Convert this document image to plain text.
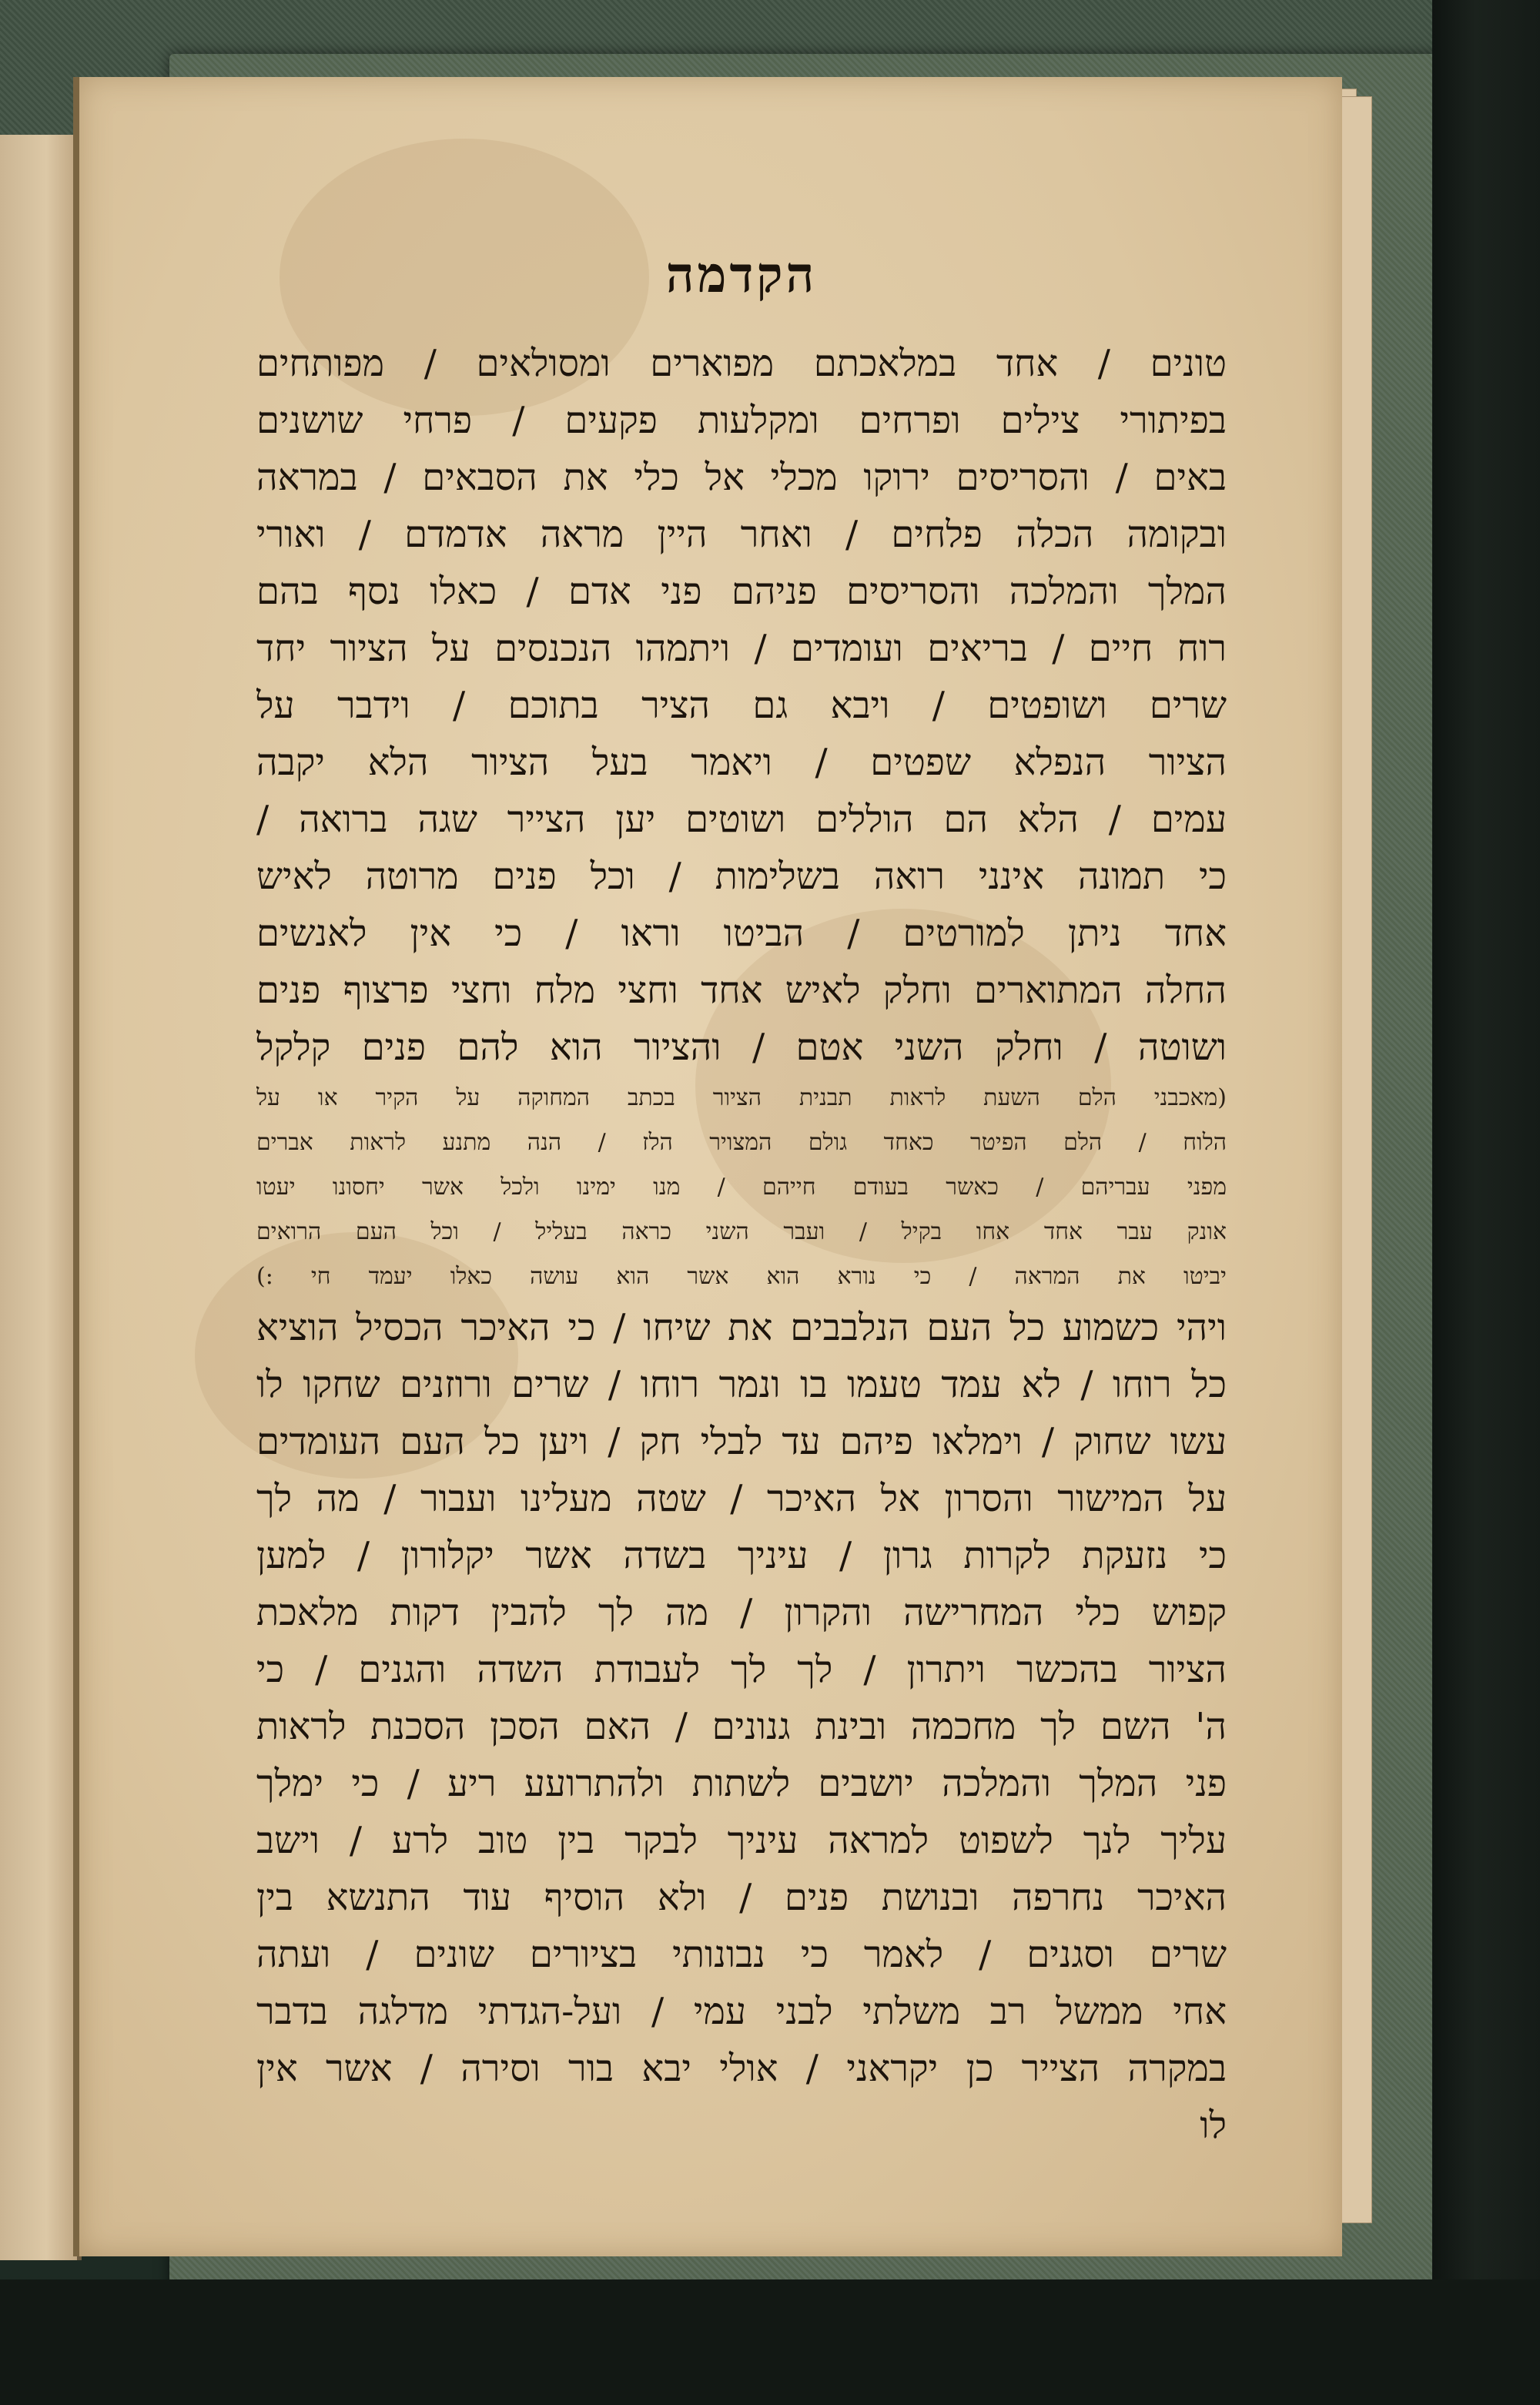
הקדמה
טונים / אחד במלאכתם מפוארים ומסולאים / מפותחים
בפיתורי צילים ופרחים ומקלעות פקעים / פרחי שושנים
באים / והסריסים ירוקו מכלי אל כלי את הסבאים / במראה
ובקומה הכלה פלחים / ואחר היין מראה אדמדם / ואורי
המלך והמלכה והסריסים פניהם פני אדם / כאלו נסף בהם
רוח חיים / בריאים ועומדים / ויתמהו הנכנסים על הציור יחד
שרים ושופטים / ויבא גם הציר בתוכם / וידבר על
הציור הנפלא שפטים / ויאמר בעל הציור הלא יקבה
עמים / הלא הם הוללים ושוטים יען הצייר שגה ברואה /
כי תמונה אינני רואה בשלימות / וכל פנים מרוטה לאיש
אחד ניתן למורטים / הביטו וראו / כי אין לאנשים
החלה המתוארים וחלק לאיש אחד וחצי מלח וחצי פרצוף פנים
ושוטה / וחלק השני אטם / והציור הוא להם פנים קלקל
(מאכבני הלם השעת לראות תבנית הציור בכתב המחוקה על הקיר או על
הלוח / הלם הפיטר כאחד גולם המצויר הלז / הנה מתנע לראות אברים
מפני עבריהם / כאשר בעודם חייהם / מנו ימינו ולכל אשר יחסונו יעטו
אונק עבר אחד אחו בקיל / ועבר השני כראה בעליל / וכל העם הרואים
יביטו את המראה / כי נורא הוא אשר הוא עושה כאלו יעמד חי :)
ויהי כשמוע כל העם הנלבבים את שיחו / כי האיכר הכסיל הוציא
כל רוחו / לא עמד טעמו בו ונמר רוחו / שרים ורוזנים שחקו לו
עשו שחוק / וימלאו פיהם עד לבלי חק / ויען כל העם העומדים
על המישור והסרון אל האיכר / שטה מעלינו ועבור / מה לך
כי נזעקת לקרות גרון / עיניך בשדה אשר יקלורון / למען
קפוש כלי המחרישה והקרון / מה לך להבין דקות מלאכת
הציור בהכשר ויתרון / לך לך לעבודת השדה והגנים / כי
ה' השם לך מחכמה ובינת גנונים / האם הסכן הסכנת לראות
פני המלך והמלכה יושבים לשתות ולהתרועע ריע / כי ימלך
עליך לנך לשפוט למראה עיניך לבקר בין טוב לרע / וישב
האיכר נחרפה ובנושת פנים / ולא הוסיף עוד התנשא בין
שרים וסגנים / לאמר כי נבונותי בציורים שונים / ועתה
אחי ממשל רב משלתי לבני עמי / ועל-הגדתי מדלגה בדבר
במקרה הצייר כן יקראני / אולי יבא בור וסירה / אשר אין
לו
